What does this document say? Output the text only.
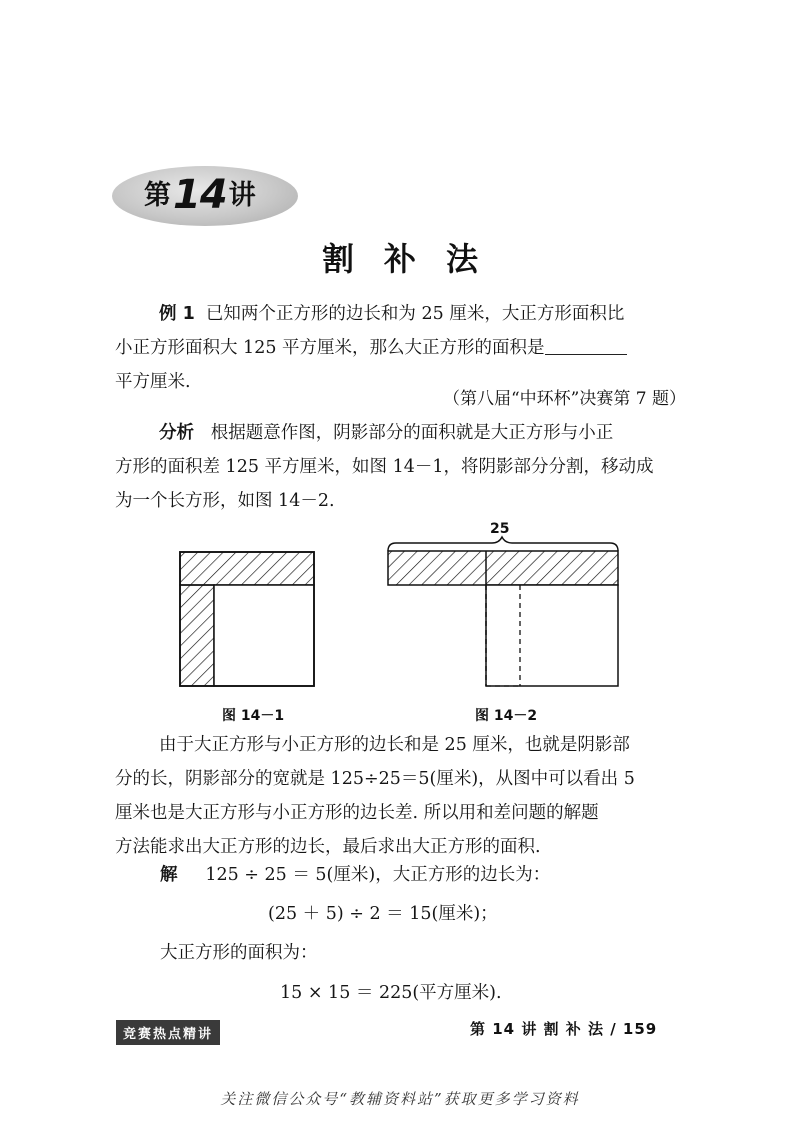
第 14 讲
割补法
例 1 已知两个正方形的边长和为 25 厘米，大正方形面积比
小正方形面积大 125 平方厘米，那么大正方形的面积是
平方厘米.
（第八届“中环杯”决赛第 7 题）
分析 根据题意作图，阴影部分的面积就是大正方形与小正
方形的面积差 125 平方厘米，如图 14－1，将阴影部分分割，移动成
为一个长方形，如图 14－2.
图 14－1
25
图 14－2
由于大正方形与小正方形的边长和是 25 厘米，也就是阴影部
分的长，阴影部分的宽就是 125÷25＝5(厘米)，从图中可以看出 5
厘米也是大正方形与小正方形的边长差. 所以用和差问题的解题
方法能求出大正方形的边长，最后求出大正方形的面积.
解 125 ÷ 25 ＝ 5(厘米)，大正方形的边长为：
(25 ＋ 5) ÷ 2 ＝ 15(厘米)；
大正方形的面积为：
15 × 15 ＝ 225(平方厘米).
竞赛热点精讲	第 14 讲 割 补 法 / 159
关注微信公众号“教辅资料站”获取更多学习资料
